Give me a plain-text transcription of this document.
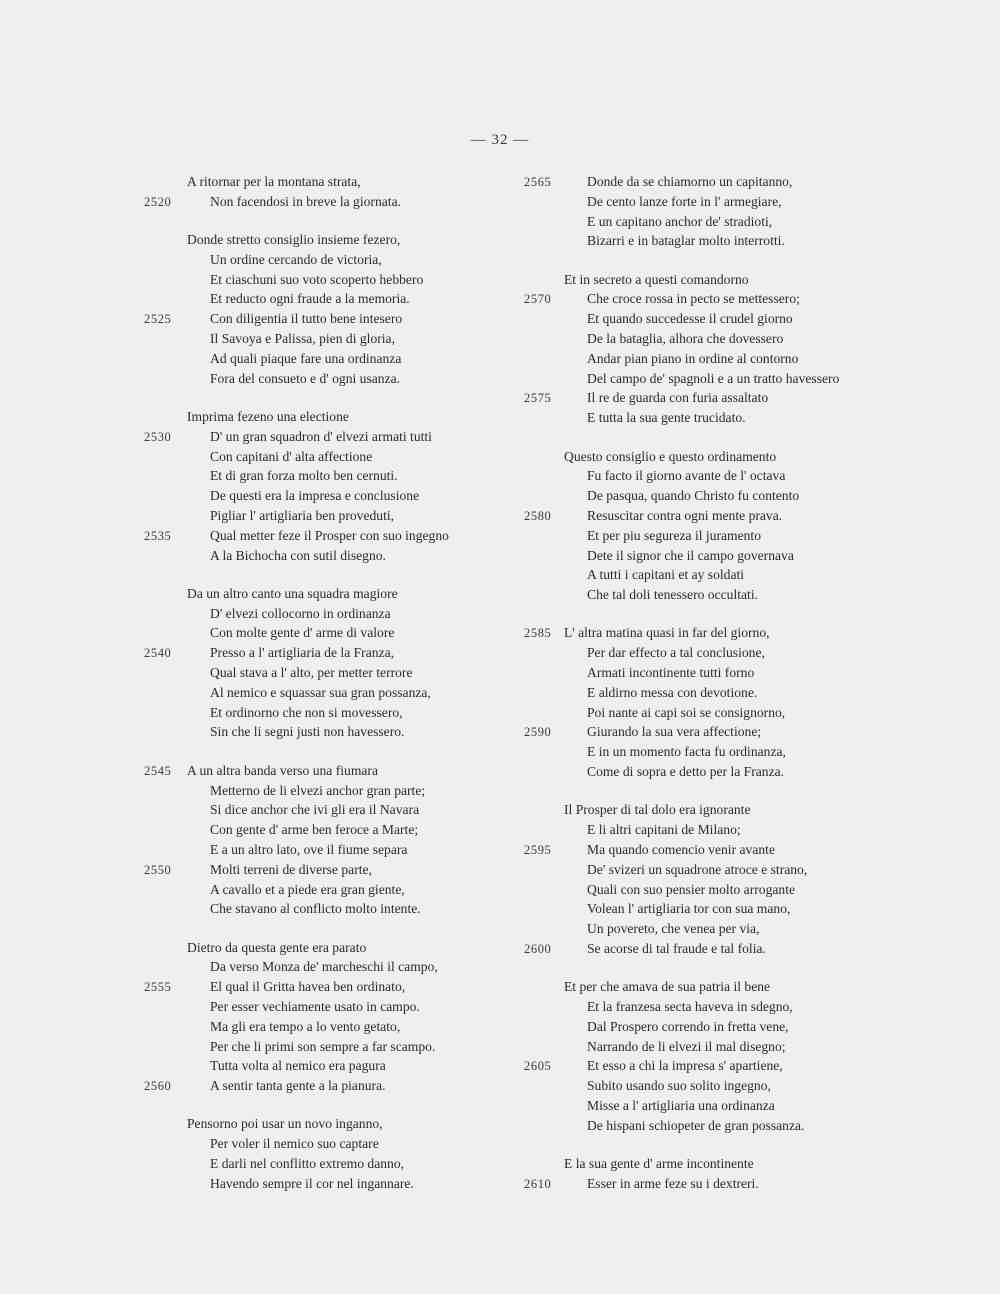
— 32 —
A ritornar per la montana strata,
2520	Non facendosi in breve la giornata.
Donde stretto consiglio insieme fezero,
Un ordine cercando de victoria,
Et ciaschuni suo voto scoperto hebbero
Et reducto ogni fraude a la memoria.
2525	Con diligentia il tutto bene intesero
Il Savoya e Palissa, pien di gloria,
Ad quali piaque fare una ordinanza
Fora del consueto e d' ogni usanza.
Imprima fezeno una electione
2530	D' un gran squadron d' elvezi armati tutti
Con capitani d' alta affectione
Et di gran forza molto ben cernuti.
De questi era la impresa e conclusione
Pigliar l' artigliaria ben proveduti,
2535	Qual metter feze il Prosper con suo ingegno
A la Bichocha con sutil disegno.
Da un altro canto una squadra magiore
D' elvezi collocorno in ordinanza
Con molte gente d' arme di valore
2540	Presso a l' artigliaria de la Franza,
Qual stava a l' alto, per metter terrore
Al nemico e squassar sua gran possanza,
Et ordinorno che non si movessero,
Sin che li segni justi non havessero.
2545 A un altra banda verso una fiumara
Metterno de li elvezi anchor gran parte;
Si dice anchor che ivi gli era il Navara
Con gente d' arme ben feroce a Marte;
E a un altro lato, ove il fiume separa
2550	Molti terreni de diverse parte,
A cavallo et a piede era gran giente,
Che stavano al conflicto molto intente.
Dietro da questa gente era parato
Da verso Monza de' marcheschi il campo,
2555	El qual il Gritta havea ben ordinato,
Per esser vechiamente usato in campo.
Ma gli era tempo a lo vento getato,
Per che li primi son sempre a far scampo.
Tutta volta al nemico era pagura
2560	A sentir tanta gente a la pianura.
Pensorno poi usar un novo inganno,
Per voler il nemico suo captare
E darli nel conflitto extremo danno,
Havendo sempre il cor nel ingannare.
2565	Donde da se chiamorno un capitanno,
De cento lanze forte in l' armegiare,
E un capitano anchor de' stradioti,
Bizarri e in bataglar molto interrotti.
Et in secreto a questi comandorno
2570	Che croce rossa in pecto se mettessero;
Et quando succedesse il crudel giorno
De la bataglia, alhora che dovessero
Andar pian piano in ordine al contorno
Del campo de' spagnoli e a un tratto havessero
2575	Il re de guarda con furia assaltato
E tutta la sua gente trucidato.
Questo consiglio e questo ordinamento
Fu facto il giorno avante de l' octava
De pasqua, quando Christo fu contento
2580	Resuscitar contra ogni mente prava.
Et per piu segureza il juramento
Dete il signor che il campo governava
A tutti i capitani et ay soldati
Che tal doli tenessero occultati.
2585 L' altra matina quasi in far del giorno,
Per dar effecto a tal conclusione,
Armati incontinente tutti forno
E aldirno messa con devotione.
Poi nante ai capi soi se consignorno,
2590	Giurando la sua vera affectione;
E in un momento facta fu ordinanza,
Come di sopra e detto per la Franza.
Il Prosper di tal dolo era ignorante
E li altri capitani de Milano;
2595	Ma quando comencio venir avante
De' svizeri un squadrone atroce e strano,
Quali con suo pensier molto arrogante
Volean l' artigliaria tor con sua mano,
Un povereto, che venea per via,
2600	Se acorse di tal fraude e tal folia.
Et per che amava de sua patria il bene
Et la franzesa secta haveva in sdegno,
Dal Prospero correndo in fretta vene,
Narrando de li elvezi il mal disegno;
2605	Et esso a chi la impresa s' apartiene,
Subito usando suo solito ingegno,
Misse a l' artigliaria una ordinanza
De hispani schiopeter de gran possanza.
E la sua gente d' arme incontinente
2610	Esser in arme feze su i dextreri.
